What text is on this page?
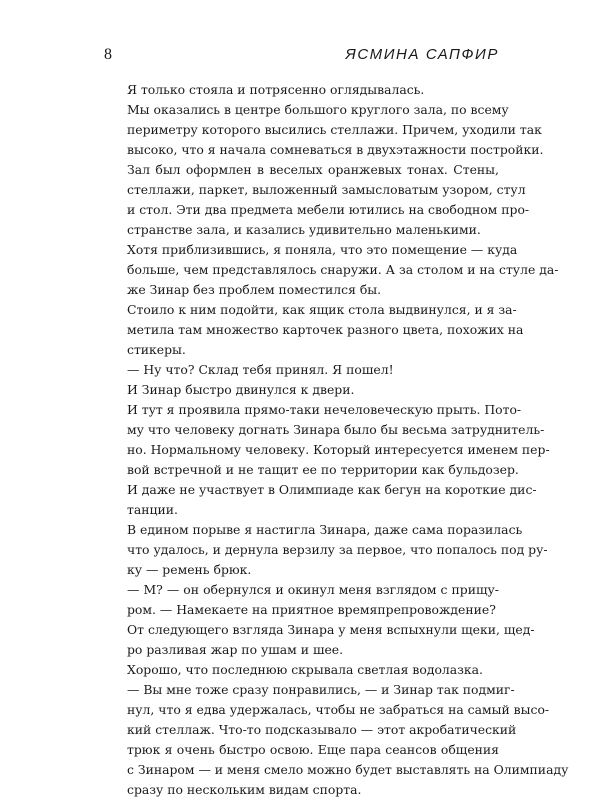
8	ЯСМИНА САПФИР

Я только стояла и потрясенно оглядывалась.

Мы оказались в центре большого круглого зала, по всему
периметру которого высились стеллажи. Причем, уходили так
высоко, что я начала сомневаться в двухэтажности постройки.

Зал был оформлен в веселых оранжевых тонах. Стены,
стеллажи, паркет, выложенный замысловатым узором, стул
и стол. Эти два предмета мебели ютились на свободном про-
странстве зала, и казались удивительно маленькими.

Хотя приблизившись, я поняла, что это помещение — куда
больше, чем представлялось снаружи. А за столом и на стуле да-
же Зинар без проблем поместился бы.

Стоило к ним подойти, как ящик стола выдвинулся, и я за-
метила там множество карточек разного цвета, похожих на
стикеры.

— Ну что? Склад тебя принял. Я пошел!

И Зинар быстро двинулся к двери.

И тут я проявила прямо-таки нечеловеческую прыть. Пото-
му что человеку догнать Зинара было бы весьма затруднитель-
но. Нормальному человеку. Который интересуется именем пер-
вой встречной и не тащит ее по территории как бульдозер.
И даже не участвует в Олимпиаде как бегун на короткие дис-
танции.

В едином порыве я настигла Зинара, даже сама поразилась
что удалось, и дернула верзилу за первое, что попалось под ру-
ку — ремень брюк.

— М? — он обернулся и окинул меня взглядом с прищу-
ром. — Намекаете на приятное времяпрепровождение?

От следующего взгляда Зинара у меня вспыхнули щеки, щед-
ро разливая жар по ушам и шее.

Хорошо, что последнюю скрывала светлая водолазка.

— Вы мне тоже сразу понравились, — и Зинар так подмиг-
нул, что я едва удержалась, чтобы не забраться на самый высо-
кий стеллаж. Что-то подсказывало — этот акробатический
трюк я очень быстро освою. Еще пара сеансов общения
с Зинаром — и меня смело можно будет выставлять на Олимпиаду
сразу по нескольким видам спорта.
